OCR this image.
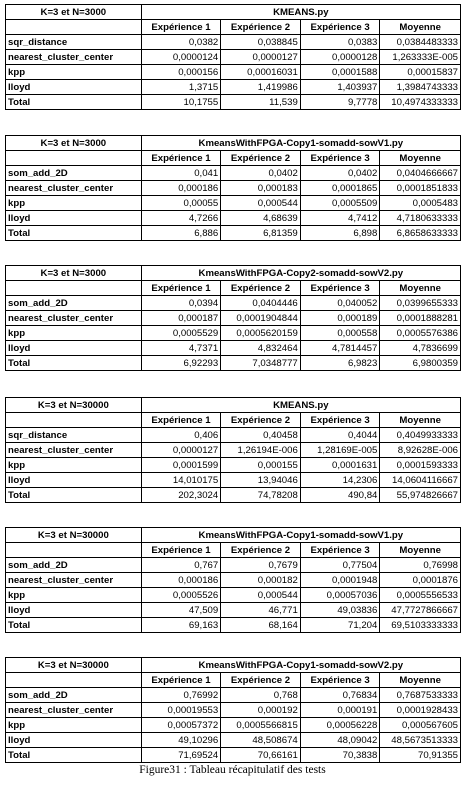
K=3 et N=3000	KMEANS.py			
	Expérience 1	Expérience 2	Expérience 3	Moyenne
sqr_distance	0,0382	0,038845	0,0383	0,0384483333
nearest_cluster_center	0,0000124	0,0000127	0,0000128	1,263333E-005
kpp	0,000156	0,00016031	0,0001588	0,00015837
lloyd	1,3715	1,419986	1,403937	1,3984743333
Total	10,1755	11,539	9,7778	10,4974333333
K=3 et N=3000	KmeansWithFPGA-Copy1-somadd-sowV1.py			
	Expérience 1	Expérience 2	Expérience 3	Moyenne
som_add_2D	0,041	0,0402	0,0402	0,0404666667
nearest_cluster_center	0,000186	0,000183	0,0001865	0,0001851833
kpp	0,00055	0,000544	0,0005509	0,0005483
lloyd	4,7266	4,68639	4,7412	4,7180633333
Total	6,886	6,81359	6,898	6,8658633333
K=3 et N=3000	KmeansWithFPGA-Copy2-somadd-sowV2.py			
	Expérience 1	Expérience 2	Expérience 3	Moyenne
som_add_2D	0,0394	0,0404446	0,040052	0,0399655333
nearest_cluster_center	0,000187	0,0001904844	0,000189	0,0001888281
kpp	0,0005529	0,0005620159	0,000558	0,0005576386
lloyd	4,7371	4,832464	4,7814457	4,7836699
Total	6,92293	7,0348777	6,9823	6,9800359
K=3 et N=30000	KMEANS.py			
	Expérience 1	Expérience 2	Expérience 3	Moyenne
sqr_distance	0,406	0,40458	0,4044	0,4049933333
nearest_cluster_center	0,0000127	1,26194E-006	1,28169E-005	8,92628E-006
kpp	0,0001599	0,000155	0,0001631	0,0001593333
lloyd	14,010175	13,94046	14,2306	14,0604116667
Total	202,3024	74,78208	490,84	55,974826667
K=3 et N=30000	KmeansWithFPGA-Copy1-somadd-sowV1.py			
	Expérience 1	Expérience 2	Expérience 3	Moyenne
som_add_2D	0,767	0,7679	0,77504	0,76998
nearest_cluster_center	0,000186	0,000182	0,0001948	0,0001876
kpp	0,0005526	0,000544	0,00057036	0,0005556533
lloyd	47,509	46,771	49,03836	47,7727866667
Total	69,163	68,164	71,204	69,5103333333
K=3 et N=30000	KmeansWithFPGA-Copy1-somadd-sowV2.py			
	Expérience 1	Expérience 2	Expérience 3	Moyenne
som_add_2D	0,76992	0,768	0,76834	0,7687533333
nearest_cluster_center	0,00019553	0,000192	0,000191	0,0001928433
kpp	0,00057372	0,0005566815	0,00056228	0,000567605
lloyd	49,10296	48,508674	48,09042	48,5673513333
Total	71,69524	70,66161	70,3838	70,91355
Figure31 : Tableau récapitulatif des tests
